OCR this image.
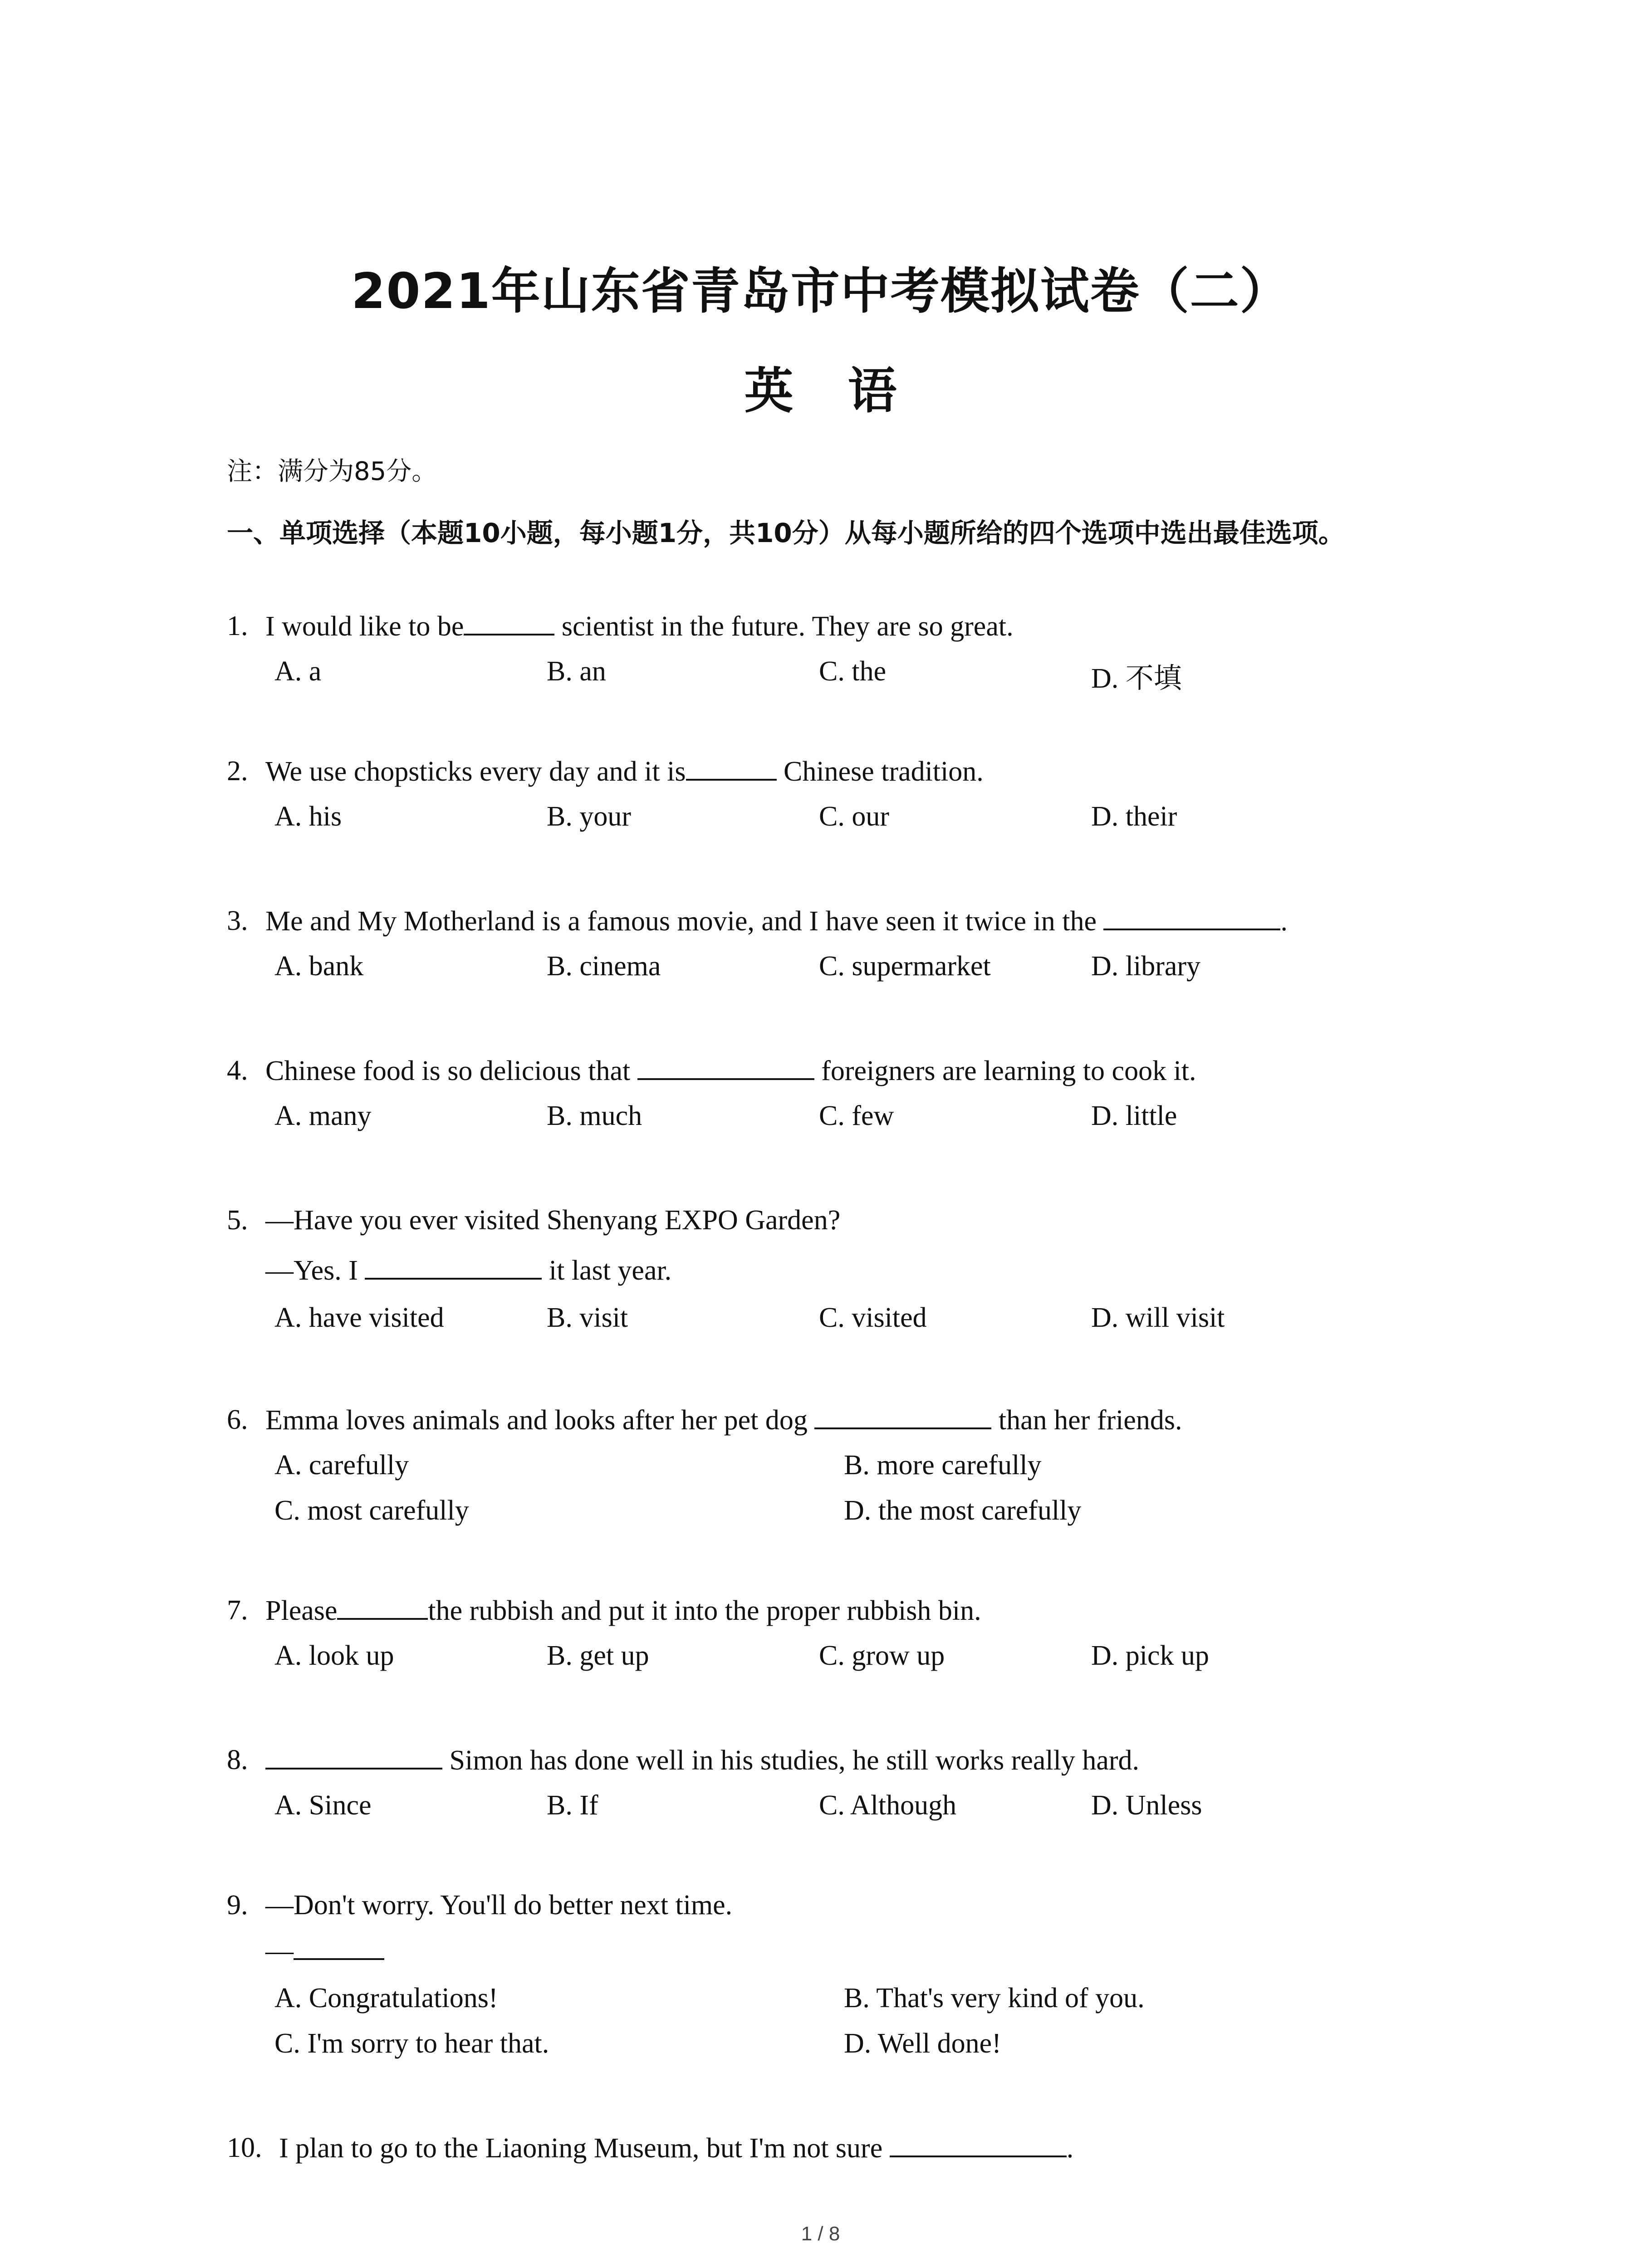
2021年山东省青岛市中考模拟试卷（二）
英语
注：满分为85分。
一、单项选择（本题10小题，每小题1分，共10分）从每小题所给的四个选项中选出最佳选项。
1. I would like to be	scientist in the future. They are so great.
A. a	B. an	C. the	D. 不填
2. We use chopsticks every day and it is	Chinese tradition.
A. his	B. your	C. our	D. their
3. Me and My Motherland is a famous movie, and I have seen it twice in the	.
A. bank	B. cinema	C. supermarket	D. library
4. Chinese food is so delicious that	foreigners are learning to cook it.
A. many	B. much	C. few	D. little
5. —Have you ever visited Shenyang EXPO Garden?
—Yes. I	it last year.
A. have visited	B. visit	C. visited	D. will visit
6. Emma loves animals and looks after her pet dog	than her friends.
A. carefully	B. more carefully
C. most carefully	D. the most carefully
7. Please	the rubbish and put it into the proper rubbish bin.
A. look up	B. get up	C. grow up	D. pick up
8.	Simon has done well in his studies, he still works really hard.
A. Since	B. If	C. Although	D. Unless
9. —Don't worry. You'll do better next time.
—
A. Congratulations!	B. That's very kind of you.
C. I'm sorry to hear that.	D. Well done!
10. I plan to go to the Liaoning Museum, but I'm not sure	.
1 / 8
